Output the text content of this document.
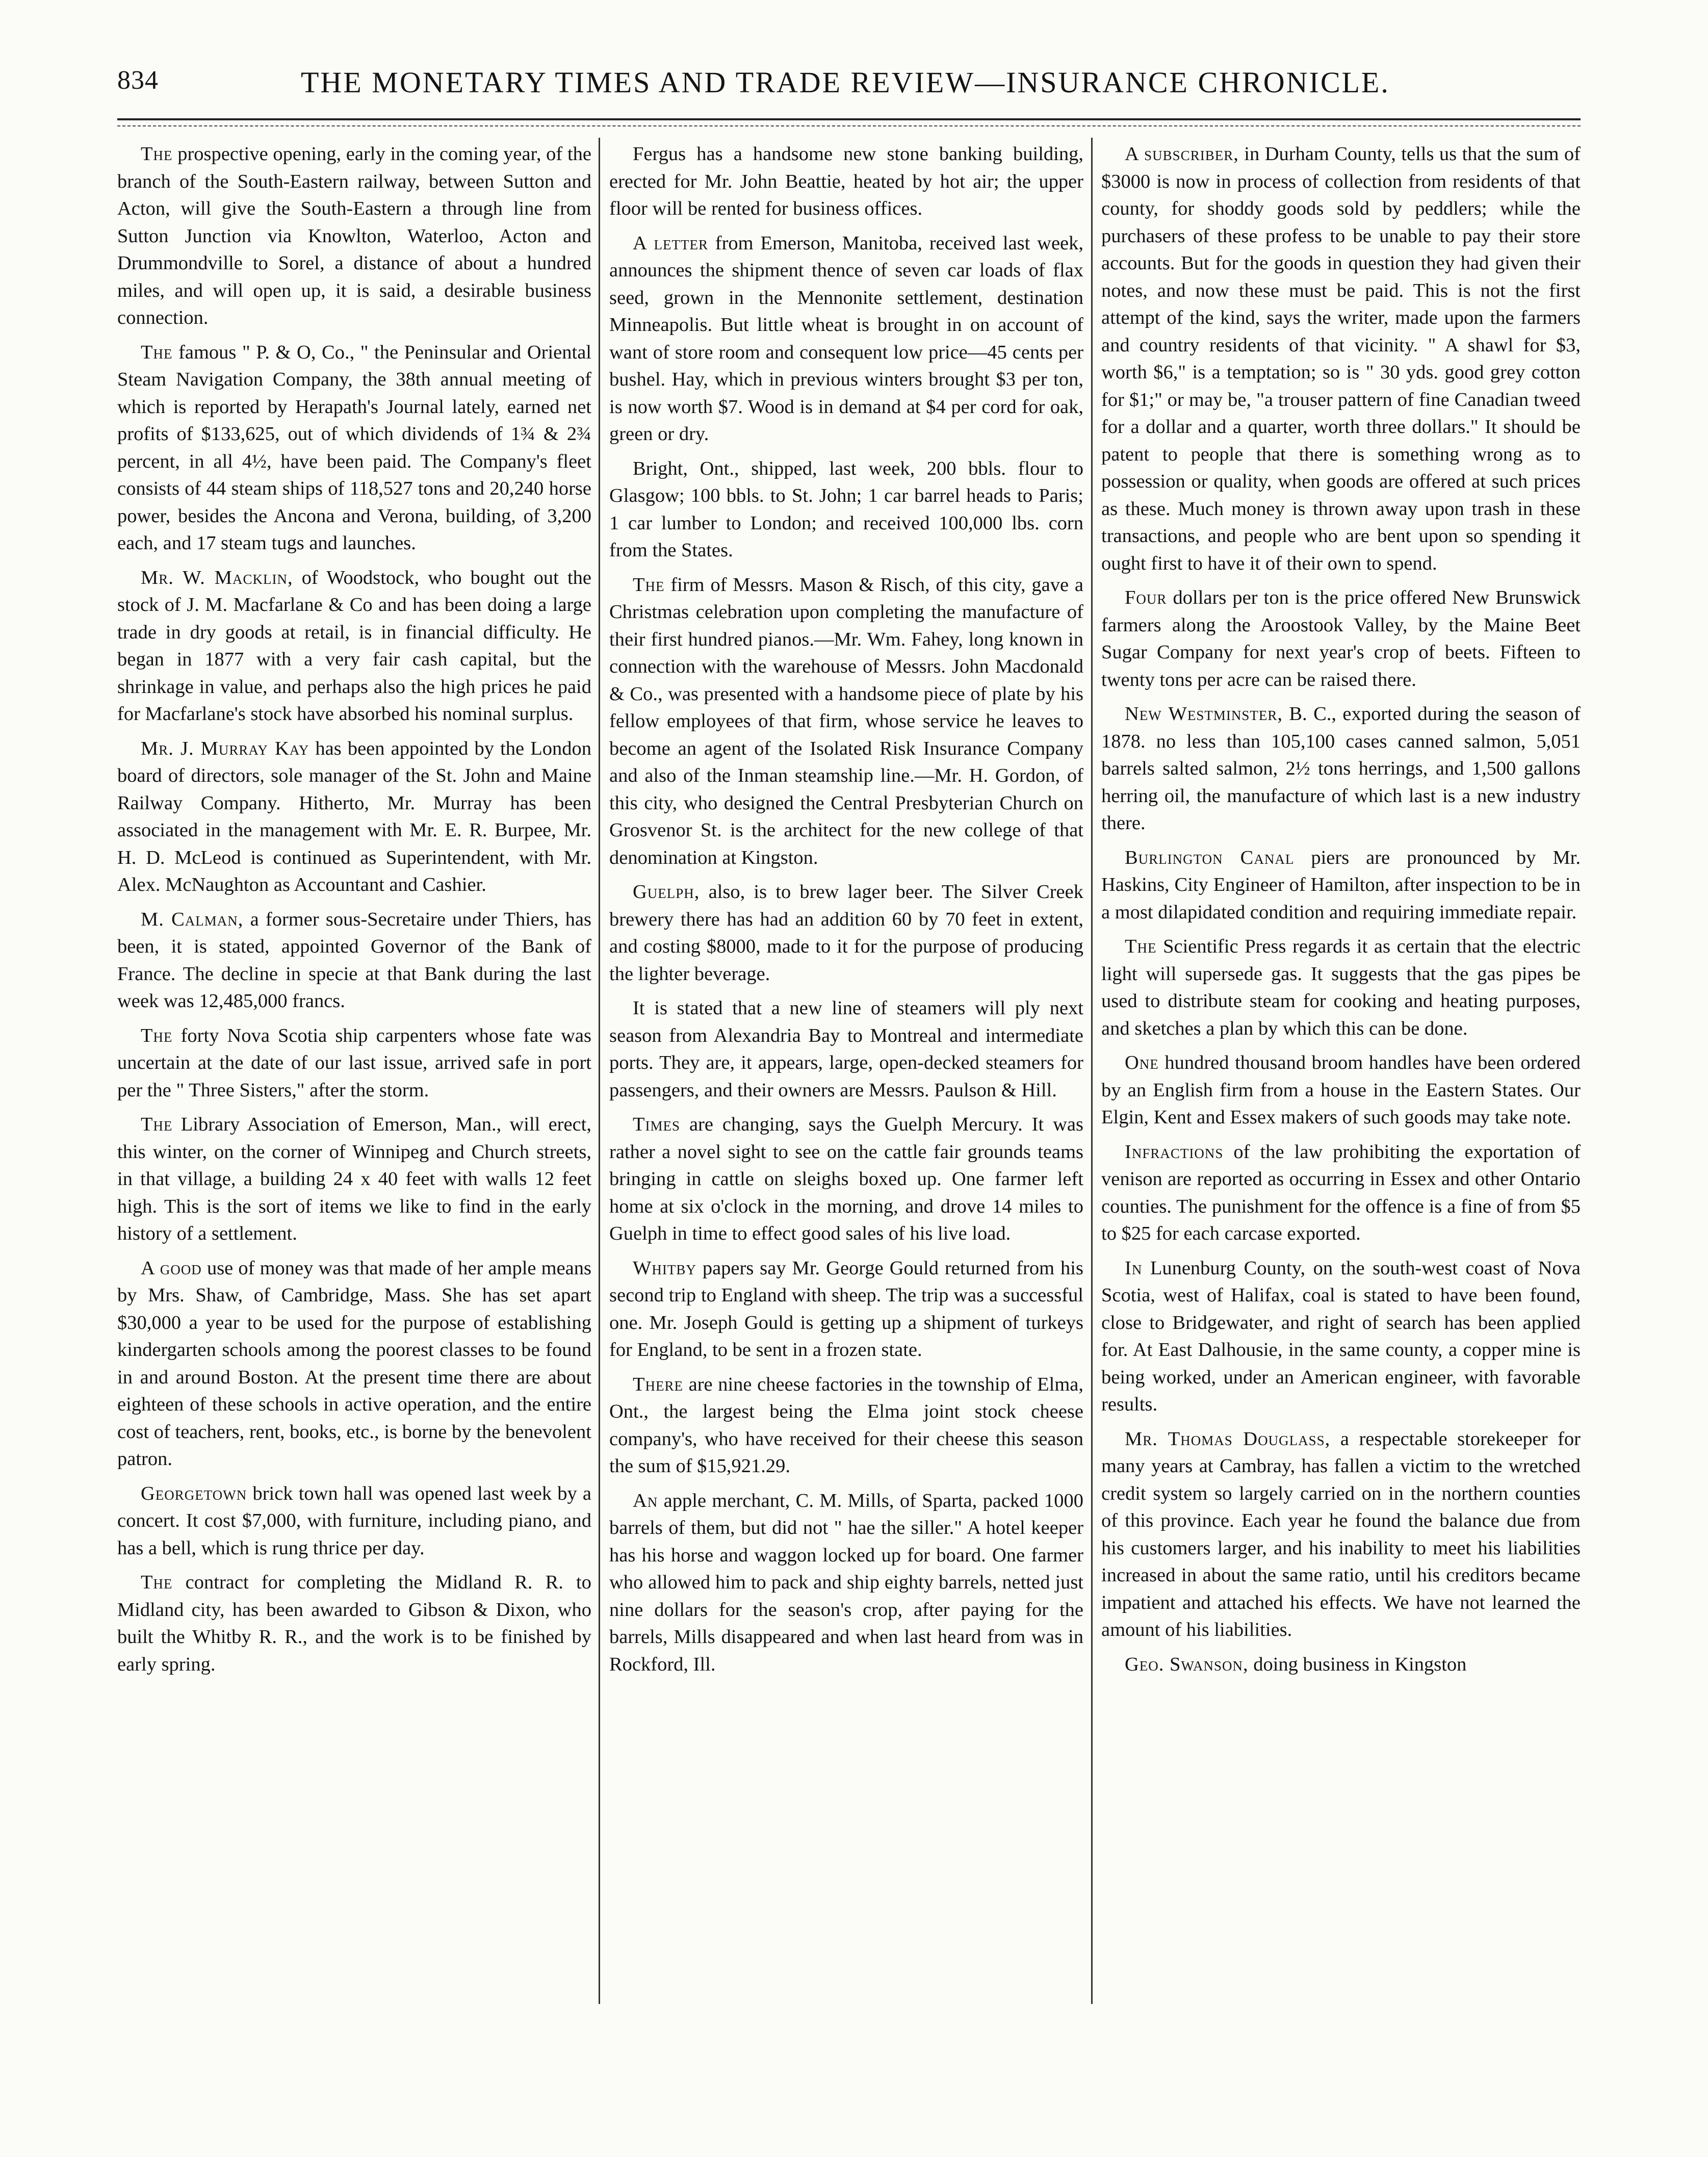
834	THE MONETARY TIMES AND TRADE REVIEW—INSURANCE CHRONICLE.

The prospective opening, early in the coming year, of the branch of the South-Eastern railway, between Sutton and Acton, will give the South-Eastern a through line from Sutton Junction via Knowlton, Waterloo, Acton and Drummondville to Sorel, a distance of about a hundred miles, and will open up, it is said, a desirable business connection.

The famous " P. & O, Co., " the Peninsular and Oriental Steam Navigation Company, the 38th annual meeting of which is reported by Herapath's Journal lately, earned net profits of $133,625, out of which dividends of 1¾ & 2¾ percent, in all 4½, have been paid. The Company's fleet consists of 44 steam ships of 118,527 tons and 20,240 horse power, besides the Ancona and Verona, building, of 3,200 each, and 17 steam tugs and launches.

Mr. W. Macklin, of Woodstock, who bought out the stock of J. M. Macfarlane & Co and has been doing a large trade in dry goods at retail, is in financial difficulty. He began in 1877 with a very fair cash capital, but the shrinkage in value, and perhaps also the high prices he paid for Macfarlane's stock have absorbed his nominal surplus.

Mr. J. Murray Kay has been appointed by the London board of directors, sole manager of the St. John and Maine Railway Company. Hitherto, Mr. Murray has been associated in the management with Mr. E. R. Burpee, Mr. H. D. McLeod is continued as Superintendent, with Mr. Alex. McNaughton as Accountant and Cashier.

M. Calman, a former sous-Secretaire under Thiers, has been, it is stated, appointed Governor of the Bank of France. The decline in specie at that Bank during the last week was 12,485,000 francs.

The forty Nova Scotia ship carpenters whose fate was uncertain at the date of our last issue, arrived safe in port per the " Three Sisters," after the storm.

The Library Association of Emerson, Man., will erect, this winter, on the corner of Winnipeg and Church streets, in that village, a building 24 x 40 feet with walls 12 feet high. This is the sort of items we like to find in the early history of a settlement.

A good use of money was that made of her ample means by Mrs. Shaw, of Cambridge, Mass. She has set apart $30,000 a year to be used for the purpose of establishing kindergarten schools among the poorest classes to be found in and around Boston. At the present time there are about eighteen of these schools in active operation, and the entire cost of teachers, rent, books, etc., is borne by the benevolent patron.

Georgetown brick town hall was opened last week by a concert. It cost $7,000, with furniture, including piano, and has a bell, which is rung thrice per day.

The contract for completing the Midland R. R. to Midland city, has been awarded to Gibson & Dixon, who built the Whitby R. R., and the work is to be finished by early spring.

Fergus has a handsome new stone banking building, erected for Mr. John Beattie, heated by hot air; the upper floor will be rented for business offices.

A letter from Emerson, Manitoba, received last week, announces the shipment thence of seven car loads of flax seed, grown in the Mennonite settlement, destination Minneapolis. But little wheat is brought in on account of want of store room and consequent low price—45 cents per bushel. Hay, which in previous winters brought $3 per ton, is now worth $7. Wood is in demand at $4 per cord for oak, green or dry.

Bright, Ont., shipped, last week, 200 bbls. flour to Glasgow; 100 bbls. to St. John; 1 car barrel heads to Paris; 1 car lumber to London; and received 100,000 lbs. corn from the States.

The firm of Messrs. Mason & Risch, of this city, gave a Christmas celebration upon completing the manufacture of their first hundred pianos.—Mr. Wm. Fahey, long known in connection with the warehouse of Messrs. John Macdonald & Co., was presented with a handsome piece of plate by his fellow employees of that firm, whose service he leaves to become an agent of the Isolated Risk Insurance Company and also of the Inman steamship line.—Mr. H. Gordon, of this city, who designed the Central Presbyterian Church on Grosvenor St. is the architect for the new college of that denomination at Kingston.

Guelph, also, is to brew lager beer. The Silver Creek brewery there has had an addition 60 by 70 feet in extent, and costing $8000, made to it for the purpose of producing the lighter beverage.

It is stated that a new line of steamers will ply next season from Alexandria Bay to Montreal and intermediate ports. They are, it appears, large, open-decked steamers for passengers, and their owners are Messrs. Paulson & Hill.

Times are changing, says the Guelph Mercury. It was rather a novel sight to see on the cattle fair grounds teams bringing in cattle on sleighs boxed up. One farmer left home at six o'clock in the morning, and drove 14 miles to Guelph in time to effect good sales of his live load.

Whitby papers say Mr. George Gould returned from his second trip to England with sheep. The trip was a successful one. Mr. Joseph Gould is getting up a shipment of turkeys for England, to be sent in a frozen state.

There are nine cheese factories in the township of Elma, Ont., the largest being the Elma joint stock cheese company's, who have received for their cheese this season the sum of $15,921.29.

An apple merchant, C. M. Mills, of Sparta, packed 1000 barrels of them, but did not " hae the siller." A hotel keeper has his horse and waggon locked up for board. One farmer who allowed him to pack and ship eighty barrels, netted just nine dollars for the season's crop, after paying for the barrels, Mills disappeared and when last heard from was in Rockford, Ill.

A subscriber, in Durham County, tells us that the sum of $3000 is now in process of collection from residents of that county, for shoddy goods sold by peddlers; while the purchasers of these profess to be unable to pay their store accounts. But for the goods in question they had given their notes, and now these must be paid. This is not the first attempt of the kind, says the writer, made upon the farmers and country residents of that vicinity. " A shawl for $3, worth $6," is a temptation; so is " 30 yds. good grey cotton for $1;" or may be, "a trouser pattern of fine Canadian tweed for a dollar and a quarter, worth three dollars." It should be patent to people that there is something wrong as to possession or quality, when goods are offered at such prices as these. Much money is thrown away upon trash in these transactions, and people who are bent upon so spending it ought first to have it of their own to spend.

Four dollars per ton is the price offered New Brunswick farmers along the Aroostook Valley, by the Maine Beet Sugar Company for next year's crop of beets. Fifteen to twenty tons per acre can be raised there.

New Westminster, B. C., exported during the season of 1878. no less than 105,100 cases canned salmon, 5,051 barrels salted salmon, 2½ tons herrings, and 1,500 gallons herring oil, the manufacture of which last is a new industry there.

Burlington Canal piers are pronounced by Mr. Haskins, City Engineer of Hamilton, after inspection to be in a most dilapidated condition and requiring immediate repair.

The Scientific Press regards it as certain that the electric light will supersede gas. It suggests that the gas pipes be used to distribute steam for cooking and heating purposes, and sketches a plan by which this can be done.

One hundred thousand broom handles have been ordered by an English firm from a house in the Eastern States. Our Elgin, Kent and Essex makers of such goods may take note.

Infractions of the law prohibiting the exportation of venison are reported as occurring in Essex and other Ontario counties. The punishment for the offence is a fine of from $5 to $25 for each carcase exported.

In Lunenburg County, on the south-west coast of Nova Scotia, west of Halifax, coal is stated to have been found, close to Bridgewater, and right of search has been applied for. At East Dalhousie, in the same county, a copper mine is being worked, under an American engineer, with favorable results.

Mr. Thomas Douglass, a respectable storekeeper for many years at Cambray, has fallen a victim to the wretched credit system so largely carried on in the northern counties of this province. Each year he found the balance due from his customers larger, and his inability to meet his liabilities increased in about the same ratio, until his creditors became impatient and attached his effects. We have not learned the amount of his liabilities.

Geo. Swanson, doing business in Kingston
